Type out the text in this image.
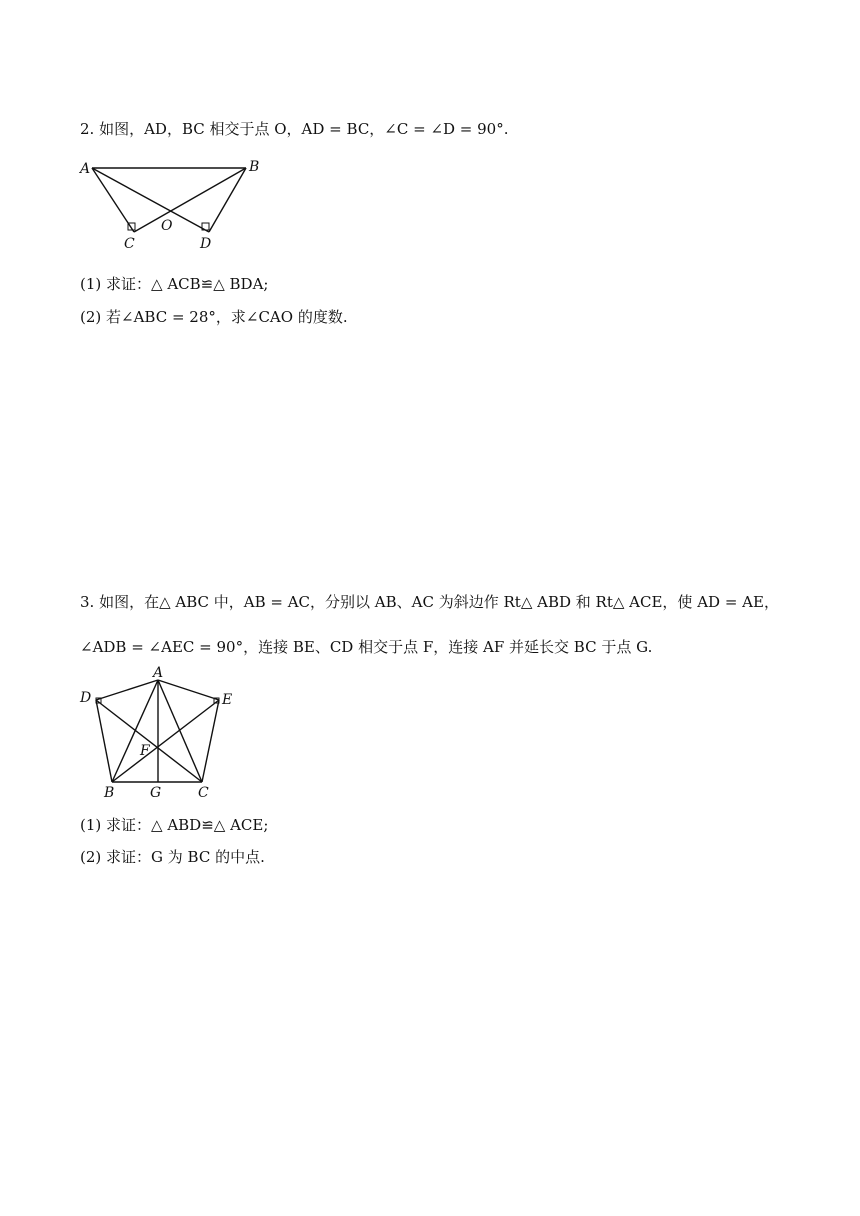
2. 如图，AD，BC 相交于点 O，AD = BC，∠C = ∠D = 90°.
A	B
C	D
O
(1) 求证：△ ACB≌△ BDA;
(2) 若∠ABC = 28°，求∠CAO 的度数.
3. 如图，在△ ABC 中，AB = AC，分别以 AB、AC 为斜边作 Rt△ ABD 和 Rt△ ACE，使 AD = AE，
∠ADB = ∠AEC = 90°，连接 BE、CD 相交于点 F，连接 AF 并延长交 BC 于点 G.
A
D	E
F
B	G	C
(1) 求证：△ ABD≌△ ACE;
(2) 求证：G 为 BC 的中点.
